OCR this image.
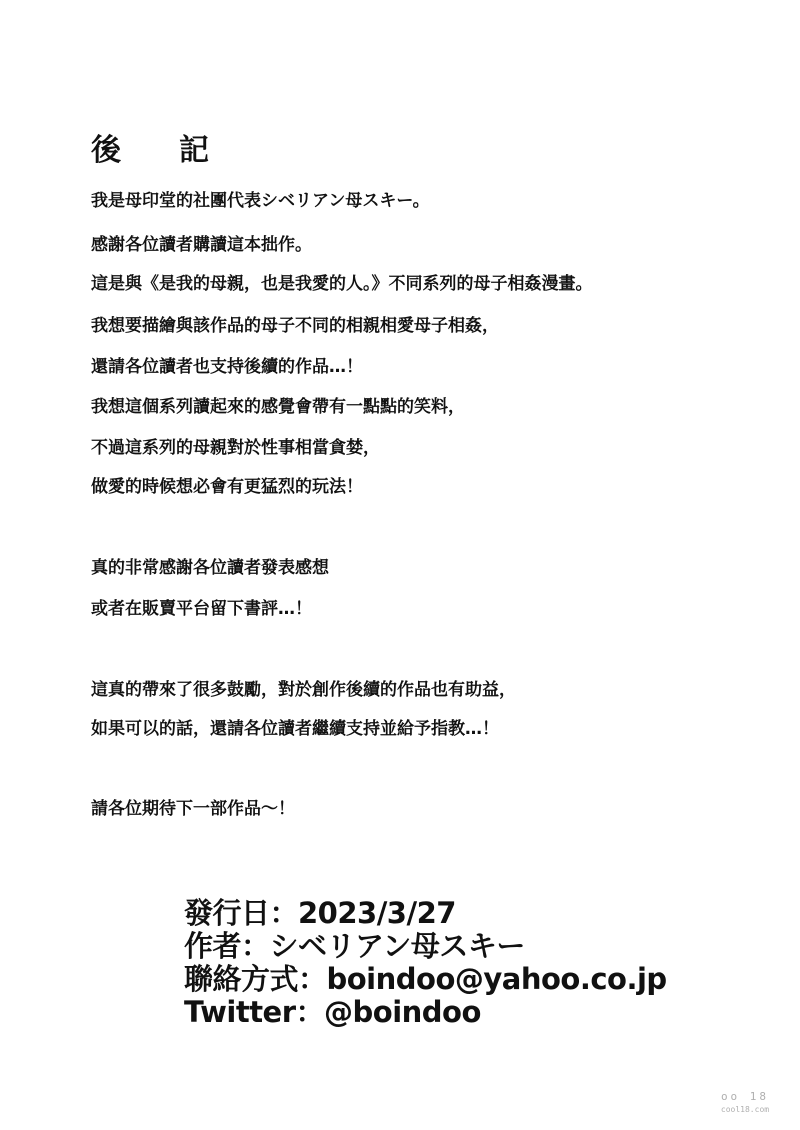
後　記
我是母印堂的社團代表シベリアン母スキー。
感謝各位讀者購讀這本拙作。
這是與《是我的母親，也是我愛的人。》不同系列的母子相姦漫畫。
我想要描繪與該作品的母子不同的相親相愛母子相姦，
還請各位讀者也支持後續的作品…！
我想這個系列讀起來的感覺會帶有一點點的笑料，
不過這系列的母親對於性事相當貪婪，
做愛的時候想必會有更猛烈的玩法！
真的非常感謝各位讀者發表感想
或者在販賣平台留下書評…！
這真的帶來了很多鼓勵，對於創作後續的作品也有助益，
如果可以的話，還請各位讀者繼續支持並給予指教…！
請各位期待下一部作品～！
發行日：2023/3/27
作者：シベリアン母スキー
聯絡方式：boindoo@yahoo.co.jp
Twitter：@boindoo
oo 18
cool18.com
